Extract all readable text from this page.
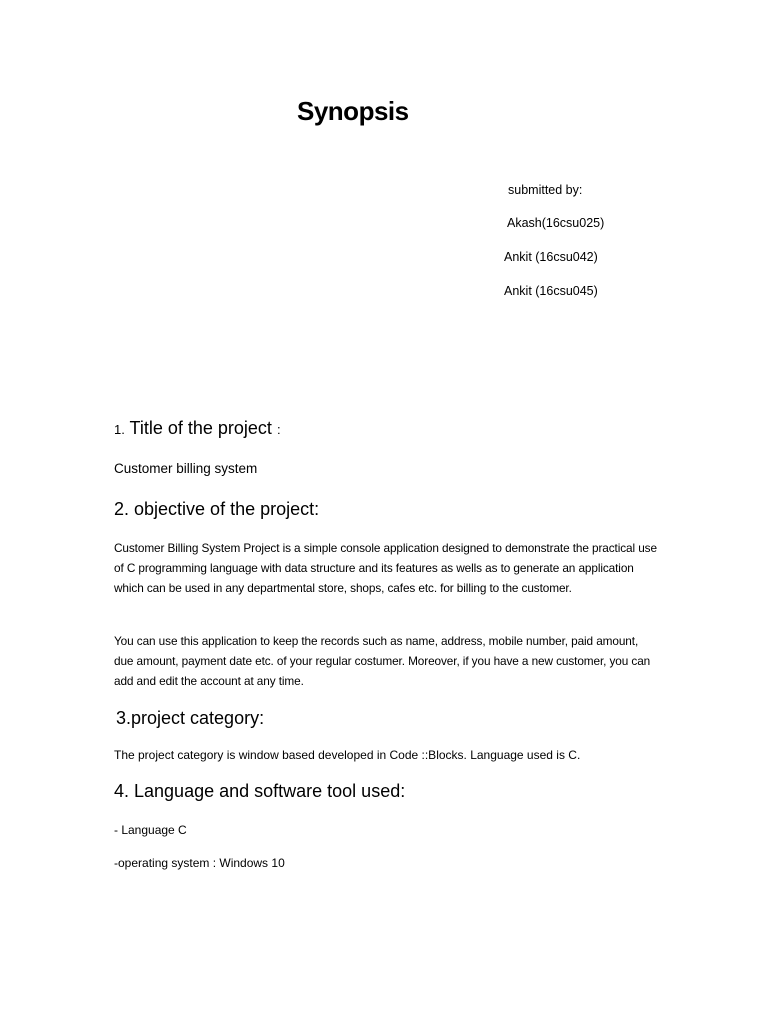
Synopsis
submitted by:
Akash(16csu025)
Ankit (16csu042)
Ankit (16csu045)
1. Title of the project :
Customer billing system
2. objective of the project:
Customer Billing System Project is a simple console application designed to demonstrate the practical use of C programming language with data structure and its features as wells as to generate an application which can be used in any departmental store, shops, cafes etc. for billing to the customer.
You can use this application to keep the records such as name, address, mobile number, paid amount, due amount, payment date etc. of your regular costumer. Moreover, if you have a new customer, you can add and edit the account at any time.
3.project category:
The project category is window based developed in Code ::Blocks. Language used is C.
4. Language and software tool used:
- Language C
-operating system : Windows 10
